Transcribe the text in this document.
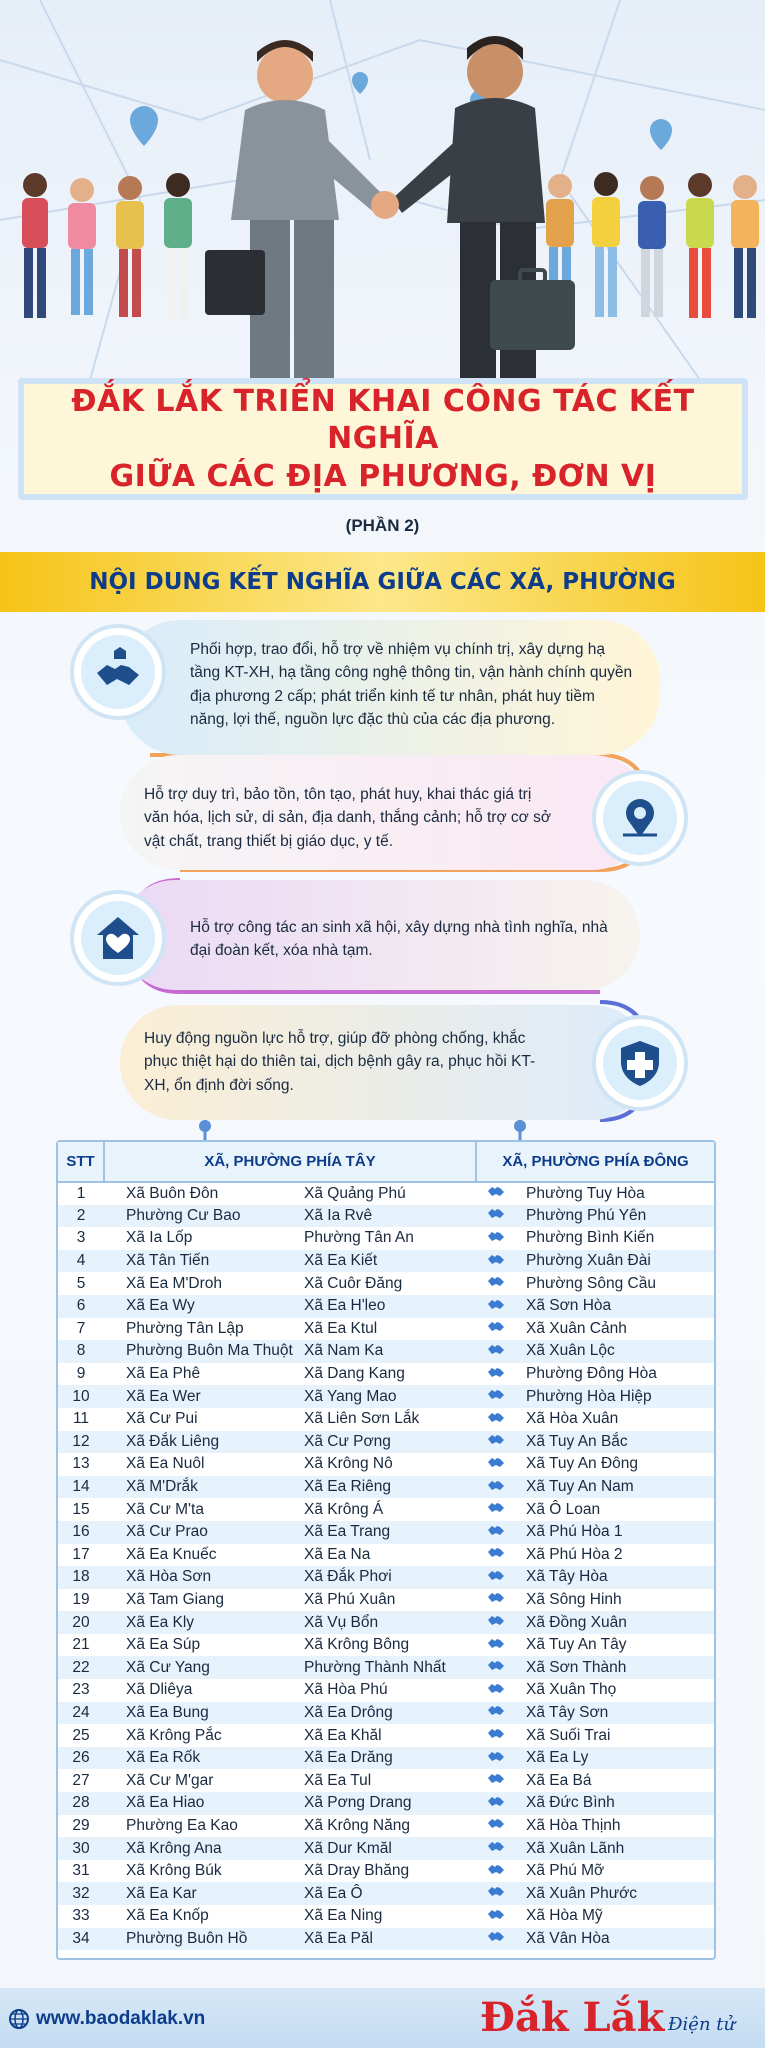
ĐẮK LẮK TRIỂN KHAI CÔNG TÁC KẾT NGHĨA
GIỮA CÁC ĐỊA PHƯƠNG, ĐƠN VỊ
(PHẦN 2)
NỘI DUNG KẾT NGHĨA GIỮA CÁC XÃ, PHƯỜNG
Phối hợp, trao đổi, hỗ trợ về nhiệm vụ chính trị, xây dựng hạ tầng KT-XH, hạ tầng công nghệ thông tin, vận hành chính quyền địa phương 2 cấp; phát triển kinh tế tư nhân, phát huy tiềm năng, lợi thế, nguồn lực đặc thù của các địa phương.
Hỗ trợ duy trì, bảo tồn, tôn tạo, phát huy, khai thác giá trị văn hóa, lịch sử, di sản, địa danh, thắng cảnh; hỗ trợ cơ sở vật chất, trang thiết bị giáo dục, y tế.
Hỗ trợ công tác an sinh xã hội, xây dựng nhà tình nghĩa, nhà đại đoàn kết, xóa nhà tạm.
Huy động nguồn lực hỗ trợ, giúp đỡ phòng chống, khắc phục thiệt hại do thiên tai, dịch bệnh gây ra, phục hồi KT-XH, ổn định đời sống.
STT	XÃ, PHƯỜNG PHÍA TÂY		XÃ, PHƯỜNG PHÍA ĐÔNG	
1	Xã Buôn Đôn	Xã Quảng Phú		Phường Tuy Hòa
2	Phường Cư Bao	Xã Ia Rvê		Phường Phú Yên
3	Xã Ia Lốp	Phường Tân An		Phường Bình Kiến
4	Xã Tân Tiến	Xã Ea Kiết		Phường Xuân Đài
5	Xã Ea M'Droh	Xã Cuôr Đăng		Phường Sông Cầu
6	Xã Ea Wy	Xã Ea H'leo		Xã Sơn Hòa
7	Phường Tân Lập	Xã Ea Ktul		Xã Xuân Cảnh
8	Phường Buôn Ma Thuột	Xã Nam Ka		Xã Xuân Lộc
9	Xã Ea Phê	Xã Dang Kang		Phường Đông Hòa
10	Xã Ea Wer	Xã Yang Mao		Phường Hòa Hiệp
11	Xã Cư Pui	Xã Liên Sơn Lắk		Xã Hòa Xuân
12	Xã Đắk Liêng	Xã Cư Pơng		Xã Tuy An Bắc
13	Xã Ea Nuôl	Xã Krông Nô		Xã Tuy An Đông
14	Xã M'Drắk	Xã Ea Riêng		Xã Tuy An Nam
15	Xã Cư M'ta	Xã Krông Á		Xã Ô Loan
16	Xã Cư Prao	Xã Ea Trang		Xã Phú Hòa 1
17	Xã Ea Knuếc	Xã Ea Na		Xã Phú Hòa 2
18	Xã Hòa Sơn	Xã Đắk Phơi		Xã Tây Hòa
19	Xã Tam Giang	Xã Phú Xuân		Xã Sông Hinh
20	Xã Ea Kly	Xã Vụ Bổn		Xã Đồng Xuân
21	Xã Ea Súp	Xã Krông Bông		Xã Tuy An Tây
22	Xã Cư Yang	Phường Thành Nhất		Xã Sơn Thành
23	Xã Dliêya	Xã Hòa Phú		Xã Xuân Thọ
24	Xã Ea Bung	Xã Ea Drông		Xã Tây Sơn
25	Xã Krông Pắc	Xã Ea Khăl		Xã Suối Trai
26	Xã Ea Rốk	Xã Ea Drăng		Xã Ea Ly
27	Xã Cư M'gar	Xã Ea Tul		Xã Ea Bá
28	Xã Ea Hiao	Xã Pơng Drang		Xã Đức Bình
29	Phường Ea Kao	Xã Krông Năng		Xã Hòa Thịnh
30	Xã Krông Ana	Xã Dur Kmăl		Xã Xuân Lãnh
31	Xã Krông Búk	Xã Dray Bhăng		Xã Phú Mỡ
32	Xã Ea Kar	Xã Ea Ô		Xã Xuân Phước
33	Xã Ea Knốp	Xã Ea Ning		Xã Hòa Mỹ
34	Phường Buôn Hồ	Xã Ea Păl		Xã Vân Hòa
www.baodaklak.vn	Đắk Lắk Điện tử
